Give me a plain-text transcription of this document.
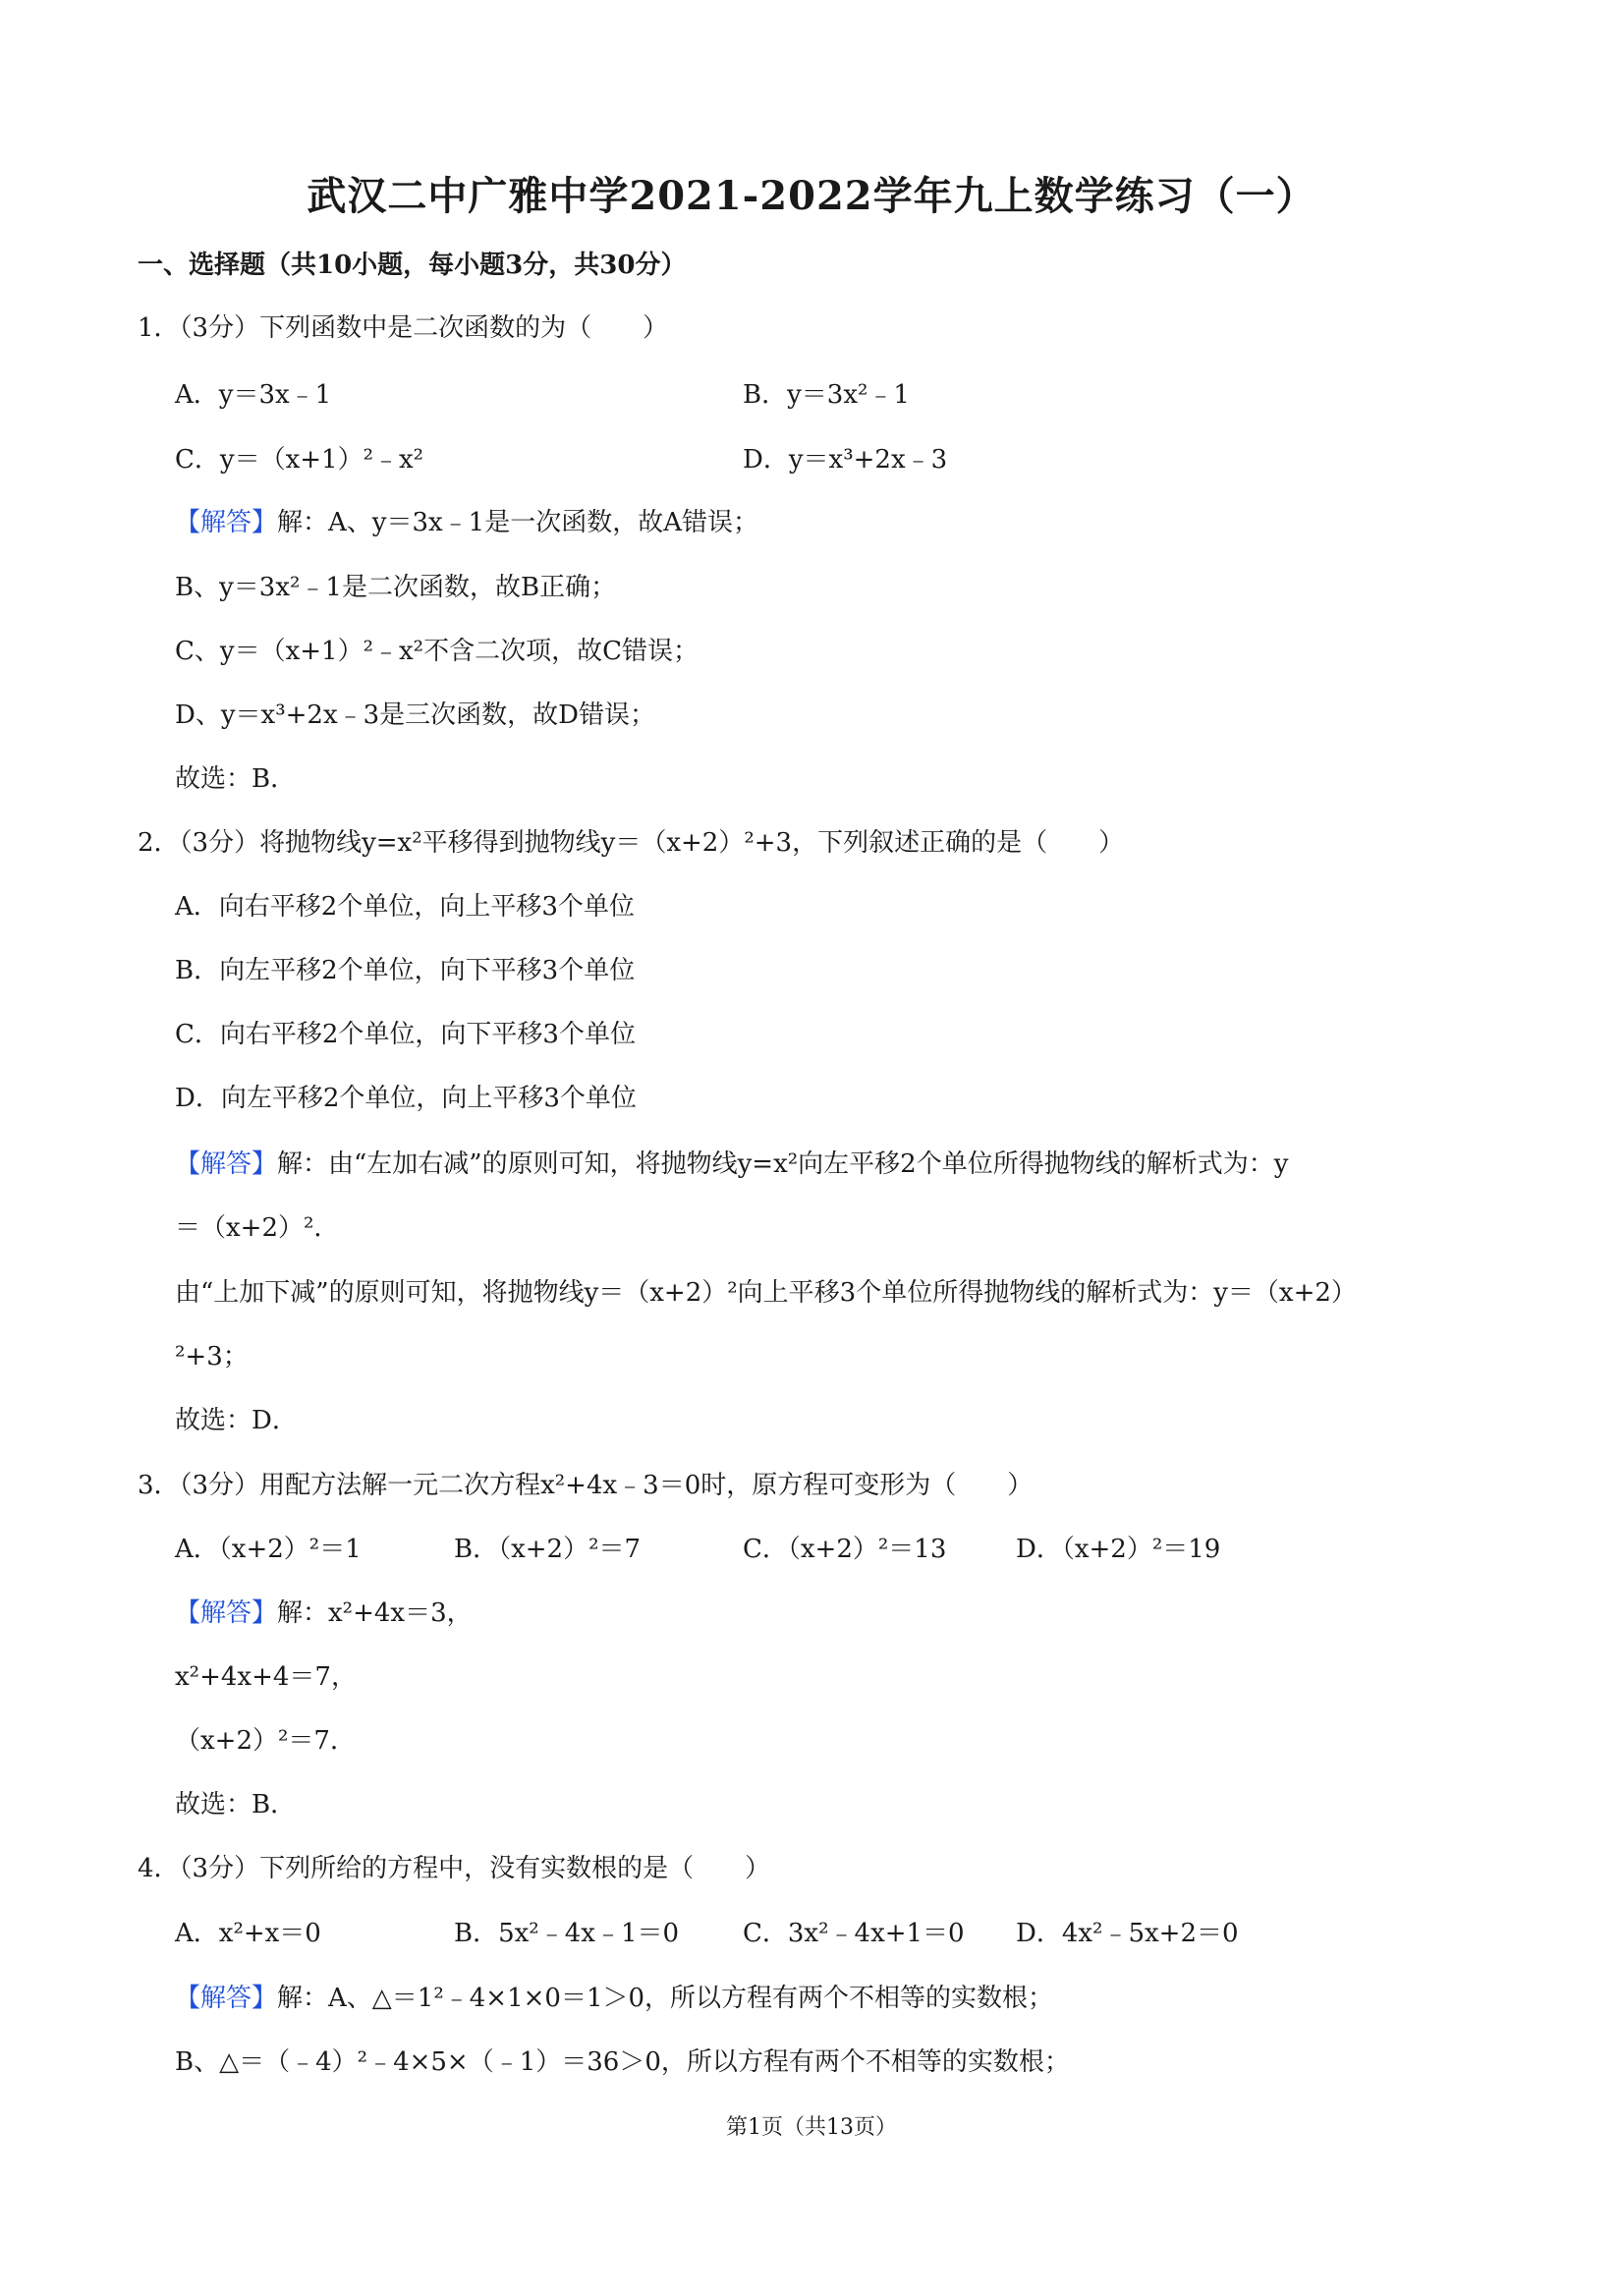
武汉二中广雅中学2021-2022学年九上数学练习（一）
一、选择题（共10小题，每小题3分，共30分）
1．（3分）下列函数中是二次函数的为（　　）
A．y＝3x﹣1	B．y＝3x²﹣1
C．y＝（x+1）²﹣x²	D．y＝x³+2x﹣3
【解答】解：A、y＝3x﹣1是一次函数，故A错误；
B、y＝3x²﹣1是二次函数，故B正确；
C、y＝（x+1）²﹣x²不含二次项，故C错误；
D、y＝x³+2x﹣3是三次函数，故D错误；
故选：B．
2．（3分）将抛物线y=x²平移得到抛物线y＝（x+2）²+3，下列叙述正确的是（　　）
A．向右平移2个单位，向上平移3个单位
B．向左平移2个单位，向下平移3个单位
C．向右平移2个单位，向下平移3个单位
D．向左平移2个单位，向上平移3个单位
【解答】解：由“左加右减”的原则可知，将抛物线y=x²向左平移2个单位所得抛物线的解析式为：y
＝（x+2）²．
由“上加下减”的原则可知，将抛物线y＝（x+2）²向上平移3个单位所得抛物线的解析式为：y＝（x+2）
²+3；
故选：D．
3．（3分）用配方法解一元二次方程x²+4x﹣3＝0时，原方程可变形为（　　）
A．（x+2）²＝1	B．（x+2）²＝7	C．（x+2）²＝13	D．（x+2）²＝19
【解答】解：x²+4x＝3，
x²+4x+4＝7，
（x+2）²＝7．
故选：B．
4．（3分）下列所给的方程中，没有实数根的是（　　）
A．x²+x＝0	B．5x²﹣4x﹣1＝0 C．3x²﹣4x+1＝0 D．4x²﹣5x+2＝0
【解答】解：A、△＝1²﹣4×1×0＝1＞0，所以方程有两个不相等的实数根；
B、△＝（﹣4）²﹣4×5×（﹣1）＝36＞0，所以方程有两个不相等的实数根；
第1页（共13页）
